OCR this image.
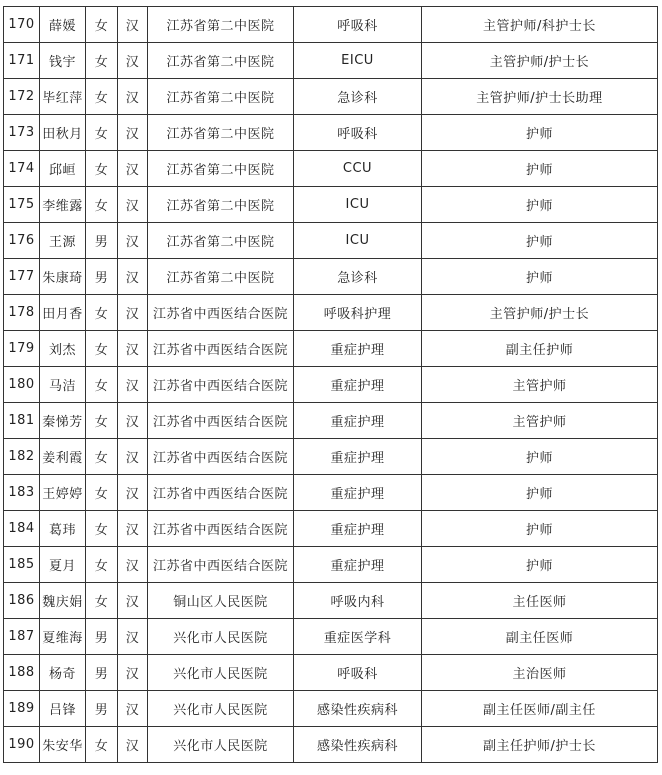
170	薛媛	女	汉	江苏省第二中医院	呼吸科	主管护师/科护士长
171	钱宇	女	汉	江苏省第二中医院	EICU	主管护师/护士长
172	毕红萍	女	汉	江苏省第二中医院	急诊科	主管护师/护士长助理
173	田秋月	女	汉	江苏省第二中医院	呼吸科	护师
174	邱峘	女	汉	江苏省第二中医院	CCU	护师
175	李维露	女	汉	江苏省第二中医院	ICU	护师
176	王源	男	汉	江苏省第二中医院	ICU	护师
177	朱康琦	男	汉	江苏省第二中医院	急诊科	护师
178	田月香	女	汉	江苏省中西医结合医院	呼吸科护理	主管护师/护士长
179	刘杰	女	汉	江苏省中西医结合医院	重症护理	副主任护师
180	马洁	女	汉	江苏省中西医结合医院	重症护理	主管护师
181	秦悌芳	女	汉	江苏省中西医结合医院	重症护理	主管护师
182	姜利霞	女	汉	江苏省中西医结合医院	重症护理	护师
183	王婷婷	女	汉	江苏省中西医结合医院	重症护理	护师
184	葛玮	女	汉	江苏省中西医结合医院	重症护理	护师
185	夏月	女	汉	江苏省中西医结合医院	重症护理	护师
186	魏庆娟	女	汉	铜山区人民医院	呼吸内科	主任医师
187	夏维海	男	汉	兴化市人民医院	重症医学科	副主任医师
188	杨奇	男	汉	兴化市人民医院	呼吸科	主治医师
189	吕锋	男	汉	兴化市人民医院	感染性疾病科	副主任医师/副主任
190	朱安华	女	汉	兴化市人民医院	感染性疾病科	副主任护师/护士长
